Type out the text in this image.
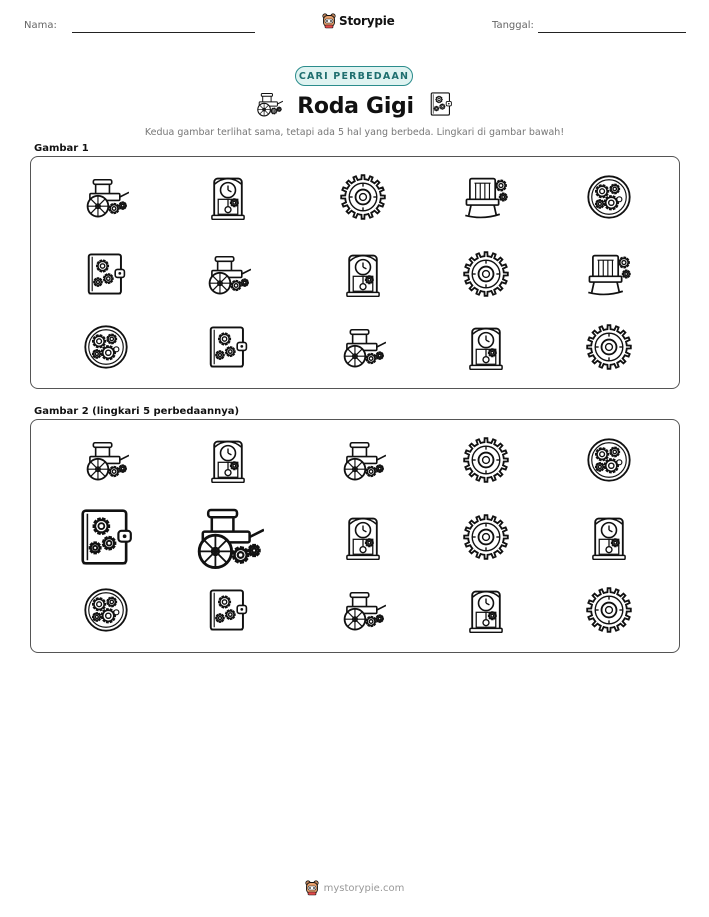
Nama:	Storypie	Tanggal:
CARI PERBEDAAN
Roda Gigi
Kedua gambar terlihat sama, tetapi ada 5 hal yang berbeda. Lingkari di gambar bawah!
Gambar 1
Gambar 2 (lingkari 5 perbedaannya)
mystorypie.com
